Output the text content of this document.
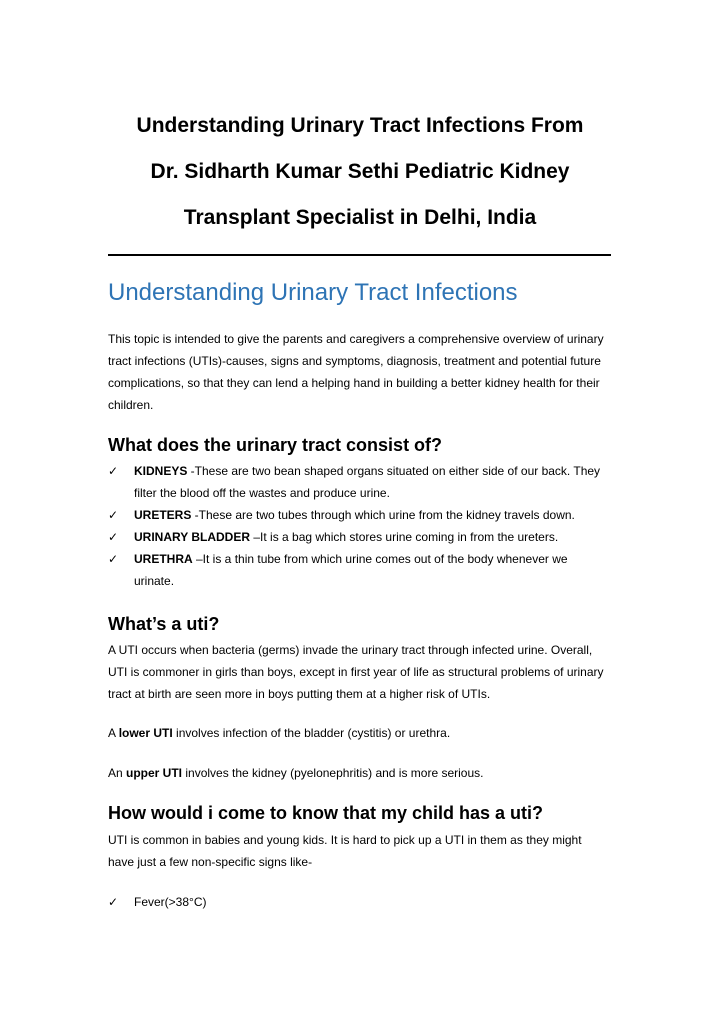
Understanding Urinary Tract Infections From
Dr. Sidharth Kumar Sethi Pediatric Kidney
Transplant Specialist in Delhi, India
Understanding Urinary Tract Infections

This topic is intended to give the parents and caregivers a comprehensive overview of urinary tract infections (UTIs)-causes, signs and symptoms, diagnosis, treatment and potential future complications, so that they can lend a helping hand in building a better kidney health for their children.

What does the urinary tract consist of?
✓	KIDNEYS -These are two bean shaped organs situated on either side of our back. They filter the blood off the wastes and produce urine.
✓	URETERS -These are two tubes through which urine from the kidney travels down.
✓	URINARY BLADDER –It is a bag which stores urine coming in from the ureters.
✓	URETHRA –It is a thin tube from which urine comes out of the body whenever we urinate.
What’s a uti?

A UTI occurs when bacteria (germs) invade the urinary tract through infected urine. Overall, UTI is commoner in girls than boys, except in first year of life as structural problems of urinary tract at birth are seen more in boys putting them at a higher risk of UTIs.

A lower UTI involves infection of the bladder (cystitis) or urethra.

An upper UTI involves the kidney (pyelonephritis) and is more serious.

How would i come to know that my child has a uti?

UTI is common in babies and young kids. It is hard to pick up a UTI in them as they might have just a few non-specific signs like-

✓	Fever(>38°C)
